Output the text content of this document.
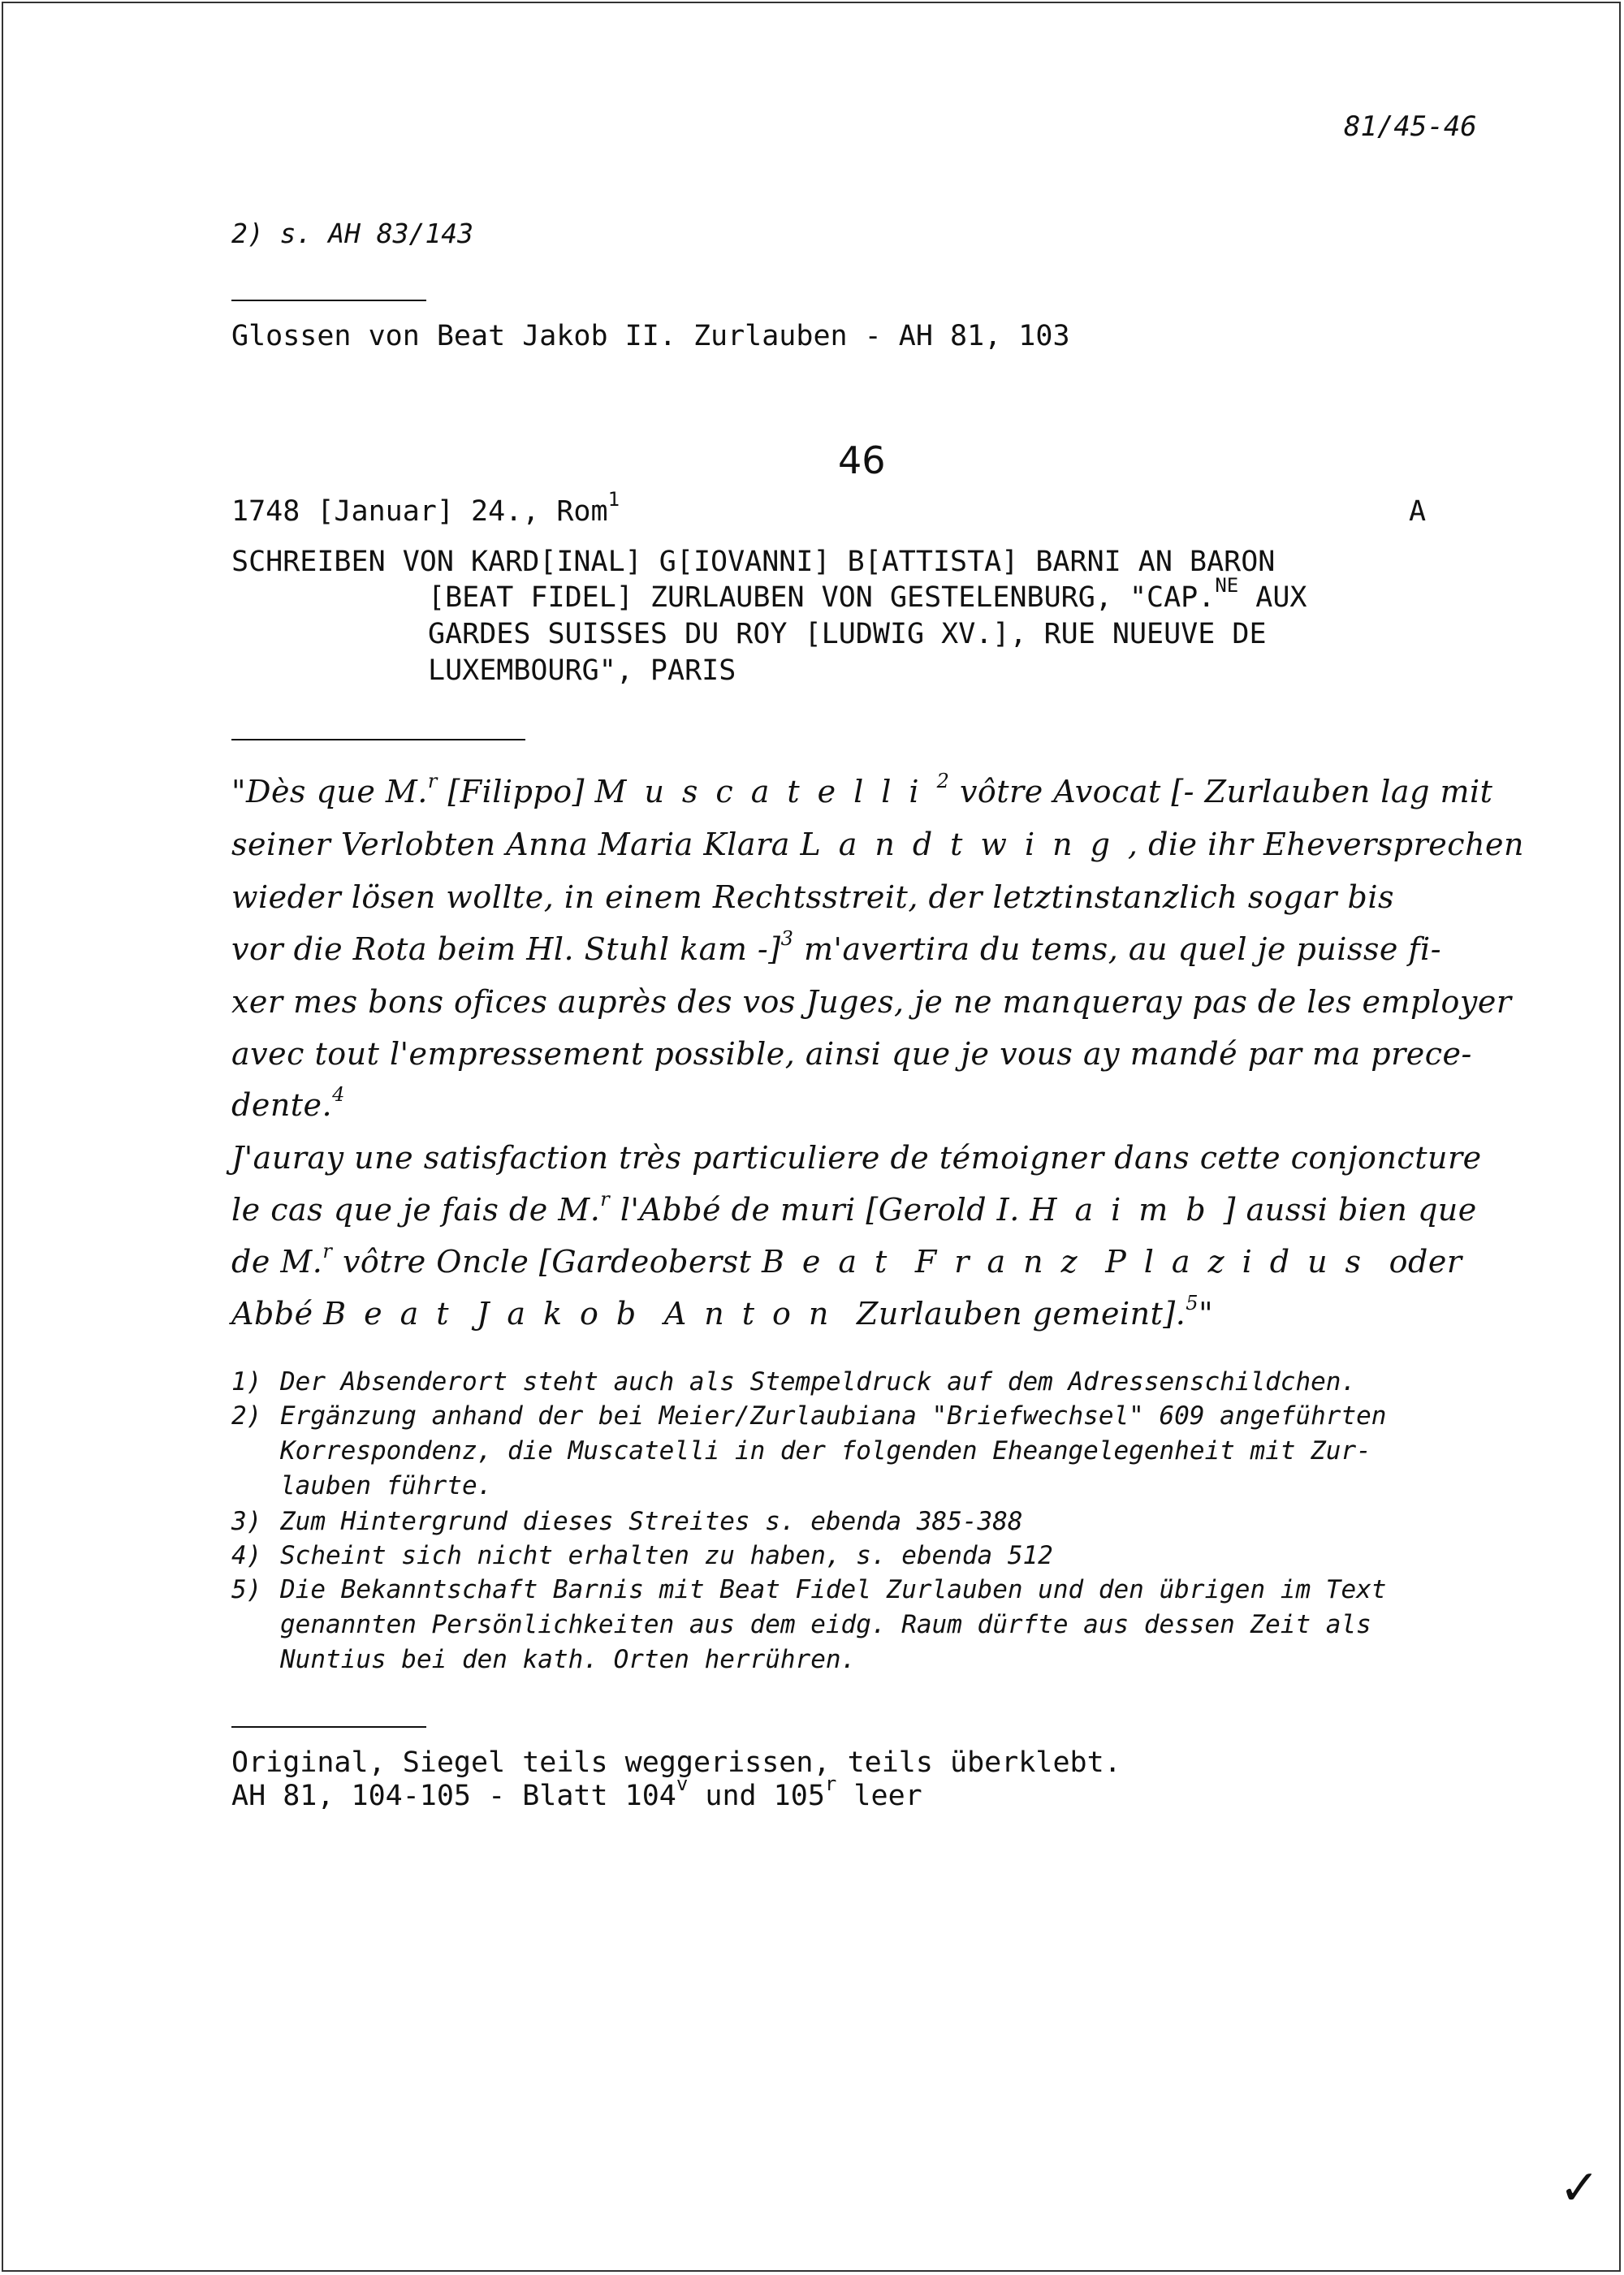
81/45-46
2) s. AH 83/143
Glossen von Beat Jakob II. Zurlauben - AH 81, 103
46
1748 [Januar] 24., Rom$^1$	A
SCHREIBEN VON KARD[INAL] G[IOVANNI] B[ATTISTA] BARNI AN BARON
[BEAT FIDEL] ZURLAUBEN VON GESTELENBURG, "CAP.$^{NE}$ AUX
GARDES SUISSES DU ROY [LUDWIG XV.], RUE NUEUVE DE
LUXEMBOURG", PARIS
"Dès que M.$^r$ [Filippo] Muscatelli$^2$ vôtre Avocat [- Zurlauben lag mit
seiner Verlobten Anna Maria Klara Landtwing, die ihr Eheversprechen
wieder lösen wollte, in einem Rechtsstreit, der letztinstanzlich sogar bis
vor die Rota beim Hl. Stuhl kam -]$^3$ m'avertira du tems, au quel je puisse fi-
xer mes bons ofices auprès des vos Juges, je ne manqueray pas de les employer
avec tout l'empressement possible, ainsi que je vous ay mandé par ma prece-
dente.$^4$
J'auray une satisfaction très particuliere de témoigner dans cette conjoncture
le cas que je fais de M.$^r$ l'Abbé de muri [Gerold I. Haimb] aussi bien que
de M.$^r$ vôtre Oncle [Gardeoberst Beat Franz Plazidus oder
Abbé Beat Jakob Anton Zurlauben gemeint].$^5$"
1) Der Absenderort steht auch als Stempeldruck auf dem Adressenschildchen.
2) Ergänzung anhand der bei Meier/Zurlaubiana "Briefwechsel" 609 angeführten
Korrespondenz, die Muscatelli in der folgenden Eheangelegenheit mit Zur-
lauben führte.
3) Zum Hintergrund dieses Streites s. ebenda 385-388
4) Scheint sich nicht erhalten zu haben, s. ebenda 512
5) Die Bekanntschaft Barnis mit Beat Fidel Zurlauben und den übrigen im Text
genannten Persönlichkeiten aus dem eidg. Raum dürfte aus dessen Zeit als
Nuntius bei den kath. Orten herrühren.
Original, Siegel teils weggerissen, teils überklebt.
AH 81, 104-105 - Blatt 104$^v$ und 105$^r$ leer
✓
